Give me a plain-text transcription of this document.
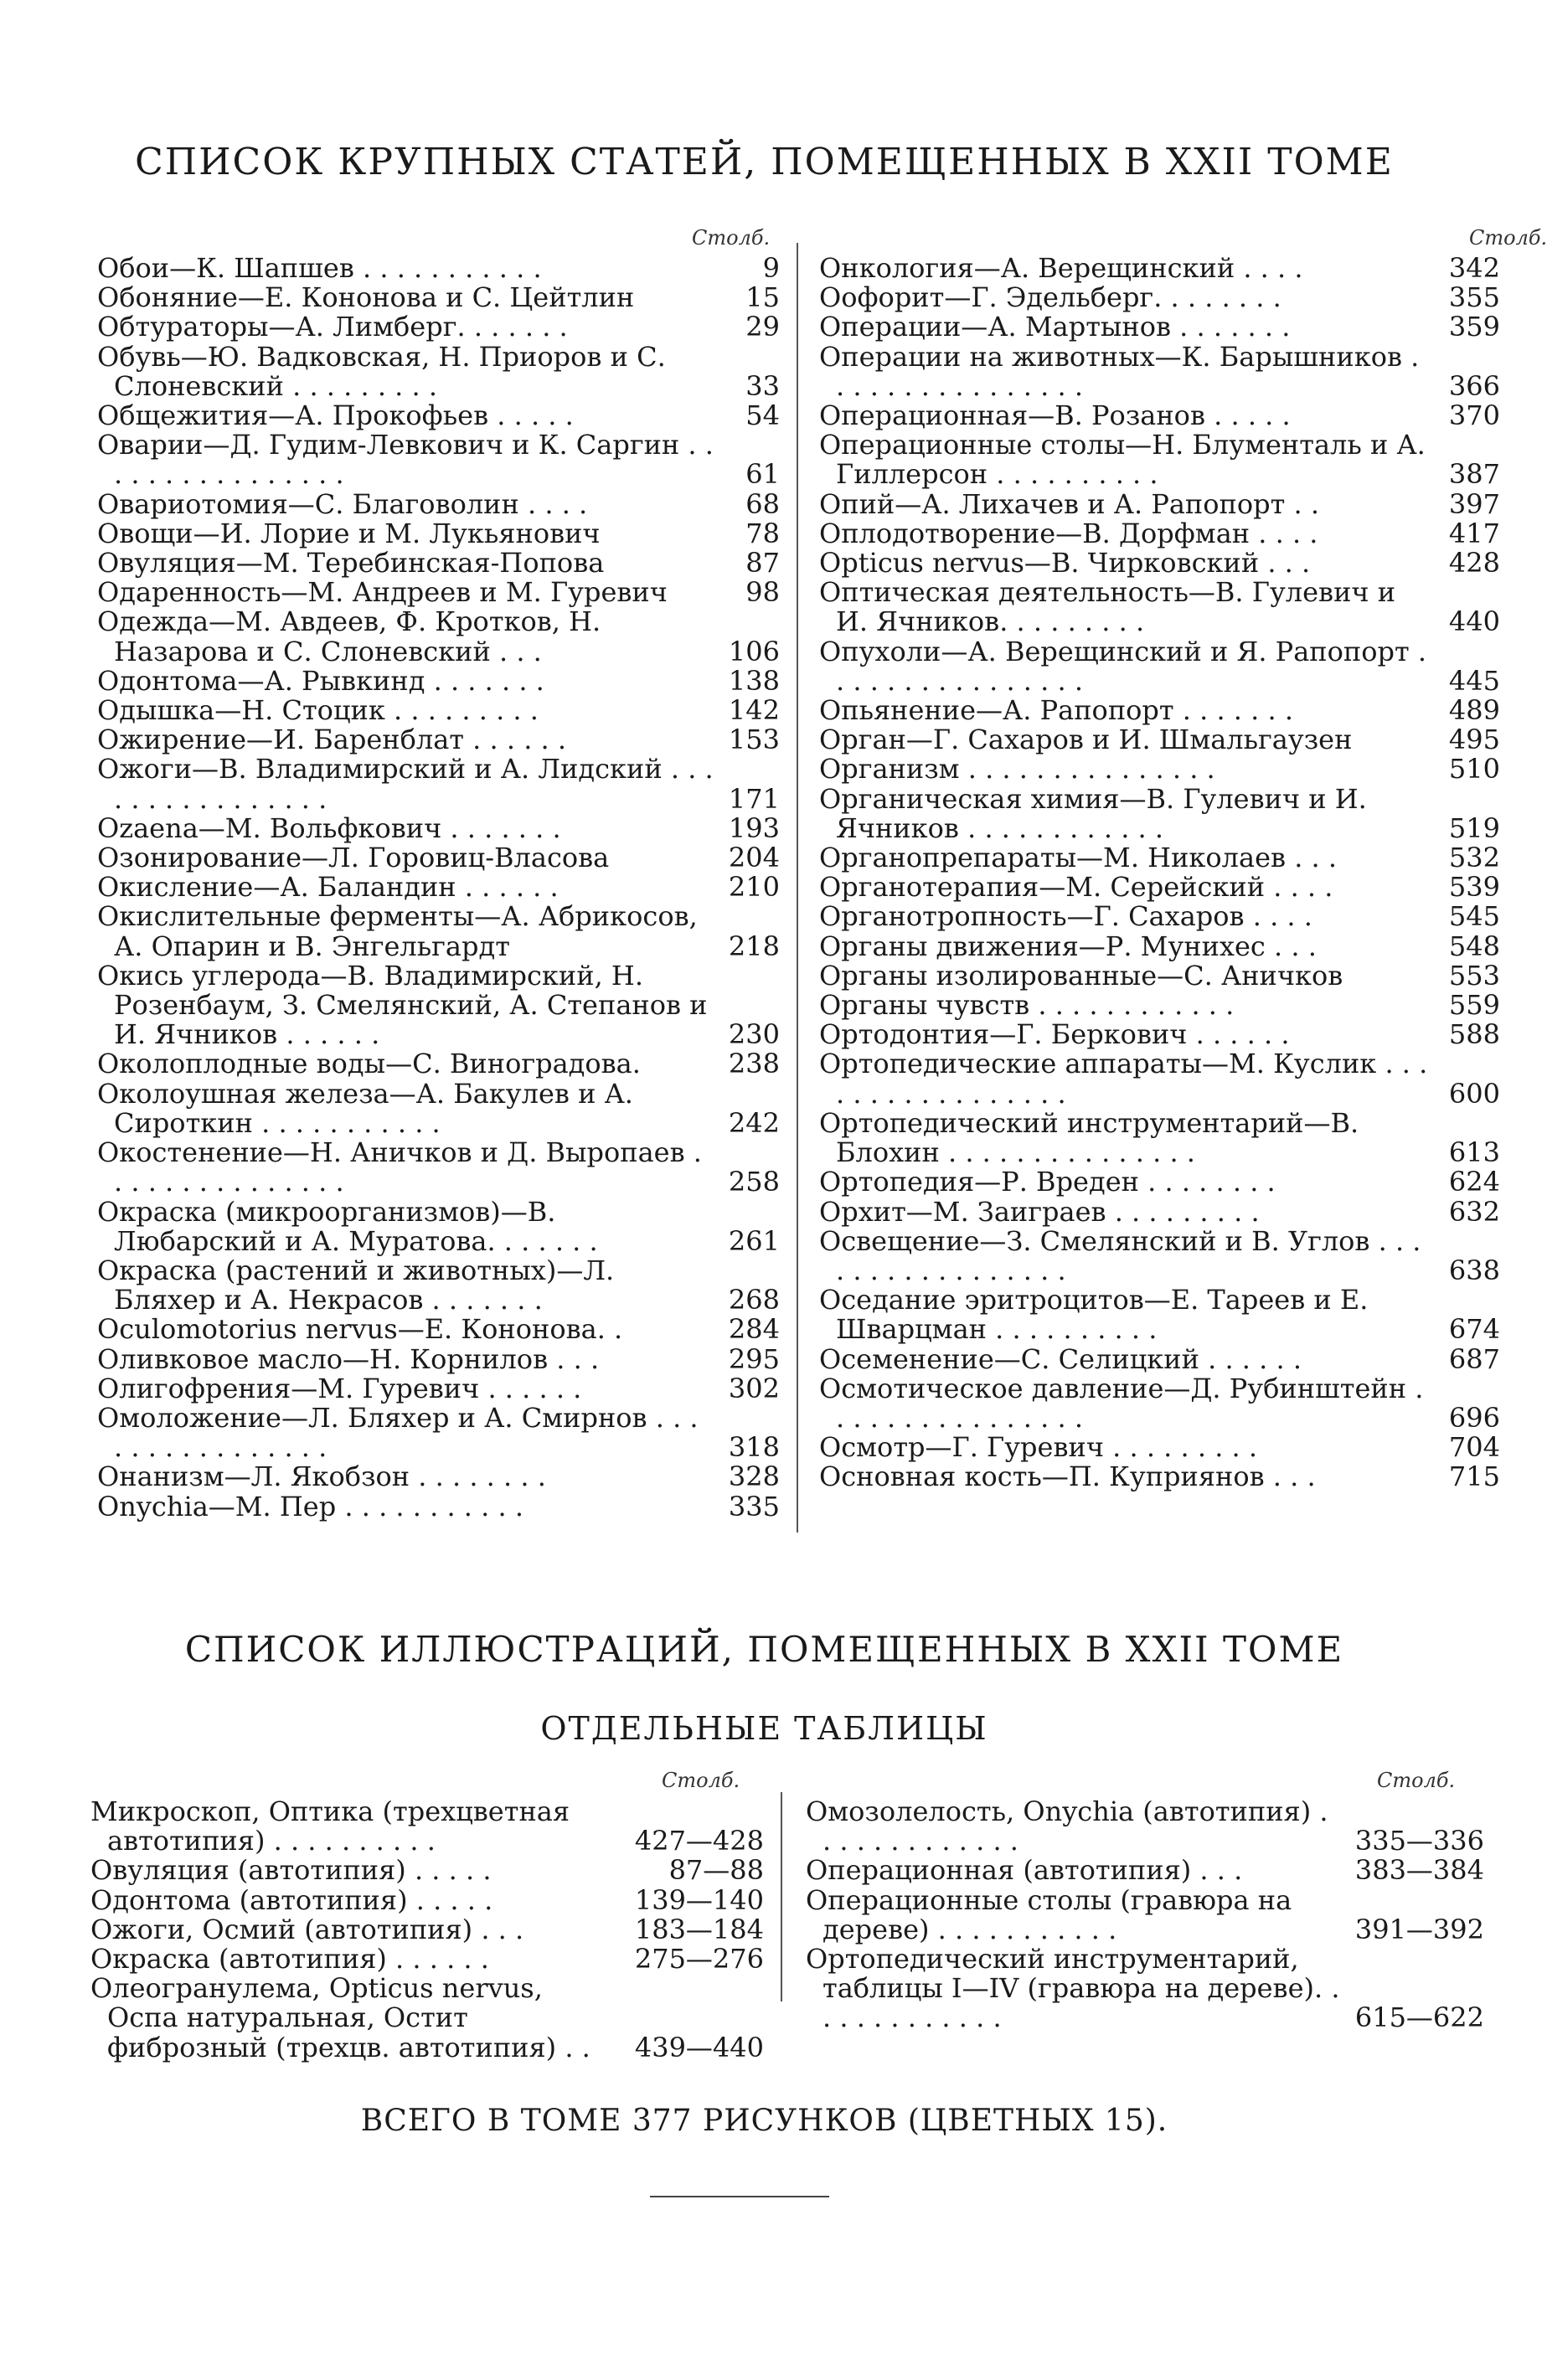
СПИСОК КРУПНЫХ СТАТЕЙ, ПОМЕЩЕННЫХ В XXII ТОМЕ
Столб.	Столб.
Обои—К. Шапшев . . . . . . . . . . .	9
Обоняние—Е. Кононова и С. Цейтлин	15
Обтураторы—А. Лимберг. . . . . . .	29
Обувь—Ю. Вадковская, Н. Приоров и С. Слоневский . . . . . . . . .	33
Общежития—А. Прокофьев . . . . .	54
Оварии—Д. Гудим-Левкович и К. Саргин . . . . . . . . . . . . . . . .	61
Овариотомия—С. Благоволин . . . .	68
Овощи—И. Лорие и М. Лукьянович	78
Овуляция—М. Теребинская-Попова	87
Одаренность—М. Андреев и М. Гуревич	98
Одежда—М. Авдеев, Ф. Кротков, Н. Назарова и С. Слоневский . . .	106
Одонтома—А. Рывкинд . . . . . . .	138
Одышка—Н. Стоцик . . . . . . . . .	142
Ожирение—И. Баренблат . . . . . .	153
Ожоги—В. Владимирский и А. Лидский . . . . . . . . . . . . . . . .	171
Ozaena—М. Вольфкович . . . . . . .	193
Озонирование—Л. Горовиц-Власова	204
Окисление—А. Баландин . . . . . .	210
Окислительные ферменты—А. Абрикосов, А. Опарин и В. Энгельгардт	218
Окись углерода—В. Владимирский, Н. Розенбаум, З. Смелянский, А. Степанов и И. Ячников . . . . . .	230
Околоплодные воды—С. Виноградова.	238
Околоушная железа—А. Бакулев и А. Сироткин . . . . . . . . . . .	242
Окостенение—Н. Аничков и Д. Выропаев . . . . . . . . . . . . . . .	258
Окраска (микроорганизмов)—В. Любарский и А. Муратова. . . . . . .	261
Окраска (растений и животных)—Л. Бляхер и А. Некрасов . . . . . . .	268
Oculomotorius nervus—Е. Кононова. .	284
Оливковое масло—Н. Корнилов . . .	295
Олигофрения—М. Гуревич . . . . . .	302
Омоложение—Л. Бляхер и А. Смирнов . . . . . . . . . . . . . . . .	318
Онанизм—Л. Якобзон . . . . . . . .	328
Onychia—М. Пер . . . . . . . . . . .	335
Онкология—А. Верещинский . . . .	342
Оофорит—Г. Эдельберг. . . . . . . .	355
Операции—А. Мартынов . . . . . . .	359
Операции на животных—К. Барышников . . . . . . . . . . . . . . . .	366
Операционная—В. Розанов . . . . .	370
Операционные столы—Н. Блументаль и А. Гиллерсон . . . . . . . . . .	387
Опий—А. Лихачев и А. Рапопорт . .	397
Оплодотворение—В. Дорфман . . . .	417
Opticus nervus—В. Чирковский . . .	428
Оптическая деятельность—В. Гулевич и И. Ячников. . . . . . . . .	440
Опухоли—А. Верещинский и Я. Рапопорт . . . . . . . . . . . . . . . .	445
Опьянение—А. Рапопорт . . . . . . .	489
Орган—Г. Сахаров и И. Шмальгаузен	495
Организм . . . . . . . . . . . . . . .	510
Органическая химия—В. Гулевич и И. Ячников . . . . . . . . . . . .	519
Органопрепараты—М. Николаев . . .	532
Органотерапия—М. Серейский . . . .	539
Органотропность—Г. Сахаров . . . .	545
Органы движения—Р. Мунихес . . .	548
Органы изолированные—С. Аничков	553
Органы чувств . . . . . . . . . . . .	559
Ортодонтия—Г. Беркович . . . . . .	588
Ортопедические аппараты—М. Куслик . . . . . . . . . . . . . . . . .	600
Ортопедический инструментарий—В. Блохин . . . . . . . . . . . . . . .	613
Ортопедия—Р. Вреден . . . . . . . .	624
Орхит—М. Заиграев . . . . . . . . .	632
Освещение—З. Смелянский и В. Углов . . . . . . . . . . . . . . . . .	638
Оседание эритроцитов—Е. Тареев и Е. Шварцман . . . . . . . . . .	674
Осеменение—С. Селицкий . . . . . .	687
Осмотическое давление—Д. Рубинштейн . . . . . . . . . . . . . . . .	696
Осмотр—Г. Гуревич . . . . . . . . .	704
Основная кость—П. Куприянов . . .	715
СПИСОК ИЛЛЮСТРАЦИЙ, ПОМЕЩЕННЫХ В XXII ТОМЕ
ОТДЕЛЬНЫЕ ТАБЛИЦЫ
Столб.	Столб.
Микроскоп, Оптика (трехцветная автотипия) . . . . . . . . . .	427—428
Овуляция (автотипия) . . . . .	87—88
Одонтома (автотипия) . . . . .	139—140
Ожоги, Осмий (автотипия) . . .	183—184
Окраска (автотипия) . . . . . .	275—276
Олеогранулема, Opticus nervus, Оспа натуральная, Остит фиброзный (трехцв. автотипия) . . 439—440
Омозолелость, Onychia (автотипия) . . . . . . . . . . . . .	335—336
Операционная (автотипия) . . .	383—384
Операционные столы (гравюра на дереве) . . . . . . . . . . .	391—392
Ортопедический инструментарий, таблицы I—IV (гравюра на дереве). . . . . . . . . . . . .	615—622
ВСЕГО В ТОМЕ 377 РИСУНКОВ (ЦВЕТНЫХ 15).
